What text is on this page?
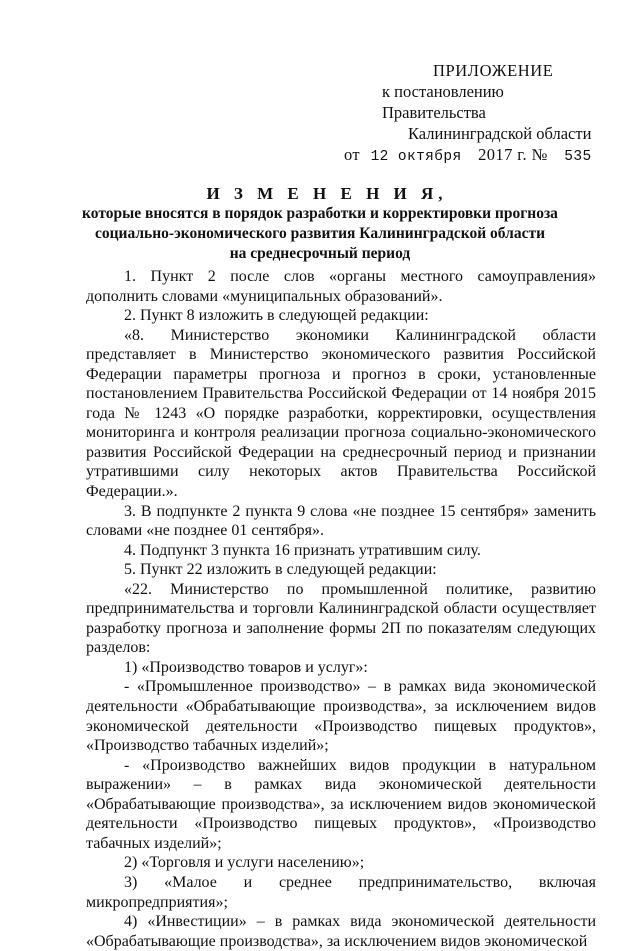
ПРИЛОЖЕНИЕ
к постановлению Правительства
Калининградской области
от 12 октября 2017 г. № 535
И З М Е Н Е Н И Я,
которые вносятся в порядок разработки и корректировки прогноза
социально-экономического развития Калининградской области
на среднесрочный период

1. Пункт 2 после слов «органы местного самоуправления» дополнить словами «муниципальных образований».

2. Пункт 8 изложить в следующей редакции:

«8. Министерство экономики Калининградской области представляет в Министерство экономического развития Российской Федерации параметры прогноза и прогноз в сроки, установленные постановлением Правительства Российской Федерации от 14 ноября 2015 года № 1243 «О порядке разработки, корректировки, осуществления мониторинга и контроля реализации прогноза социально-экономического развития Российской Федерации на среднесрочный период и признании утратившими силу некоторых актов Правительства Российской Федерации.».

3. В подпункте 2 пункта 9 слова «не позднее 15 сентября» заменить словами «не позднее 01 сентября».

4. Подпункт 3 пункта 16 признать утратившим силу.

5. Пункт 22 изложить в следующей редакции:

«22. Министерство по промышленной политике, развитию предпринимательства и торговли Калининградской области осуществляет разработку прогноза и заполнение формы 2П по показателям следующих разделов:

1) «Производство товаров и услуг»:

- «Промышленное производство» – в рамках вида экономической деятельности «Обрабатывающие производства», за исключением видов экономической деятельности «Производство пищевых продуктов», «Производство табачных изделий»;

- «Производство важнейших видов продукции в натуральном выражении» – в рамках вида экономической деятельности «Обрабатывающие производства», за исключением видов экономической деятельности «Производство пищевых продуктов», «Производство табачных изделий»;

2) «Торговля и услуги населению»;

3) «Малое и среднее предпринимательство, включая микропредприятия»;

4) «Инвестиции» – в рамках вида экономической деятельности «Обрабатывающие производства», за исключением видов экономической
